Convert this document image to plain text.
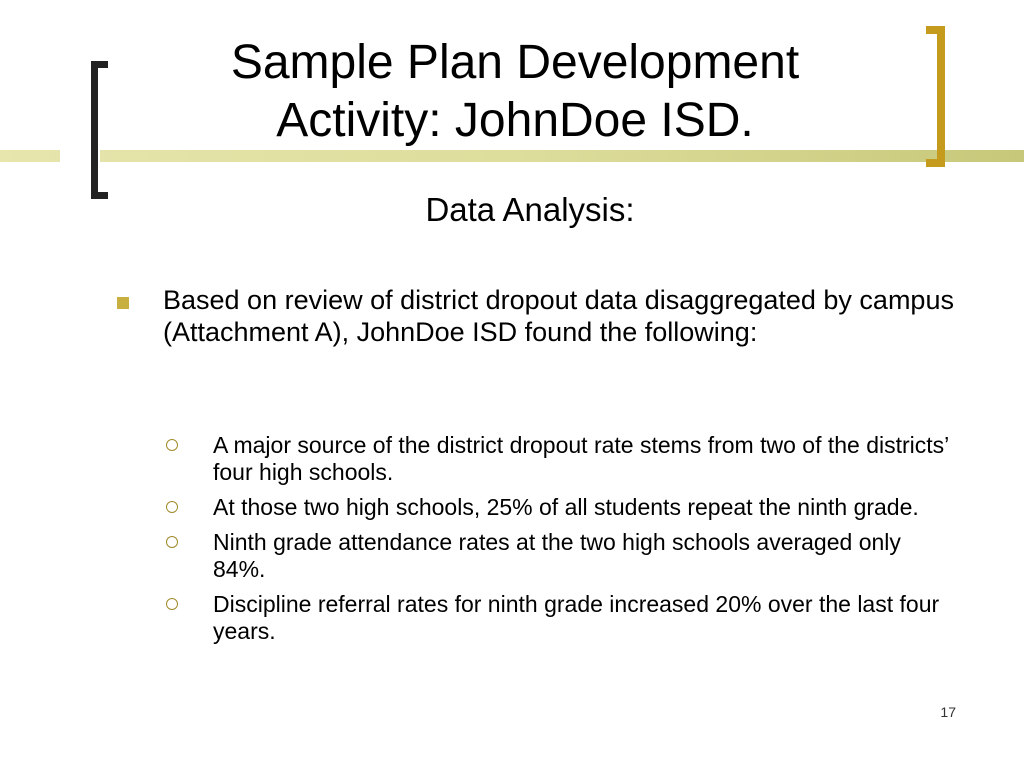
Sample Plan Development
Activity: JohnDoe ISD.

Data Analysis:

Based on review of district dropout data disaggregated by campus (Attachment A), JohnDoe ISD found the following:
A major source of the district dropout rate stems from two of the districts’ four high schools.
At those two high schools, 25% of all students repeat the ninth grade.
Ninth grade attendance rates at the two high schools averaged only 84%.
Discipline referral rates for ninth grade increased 20% over the last four years.
17
